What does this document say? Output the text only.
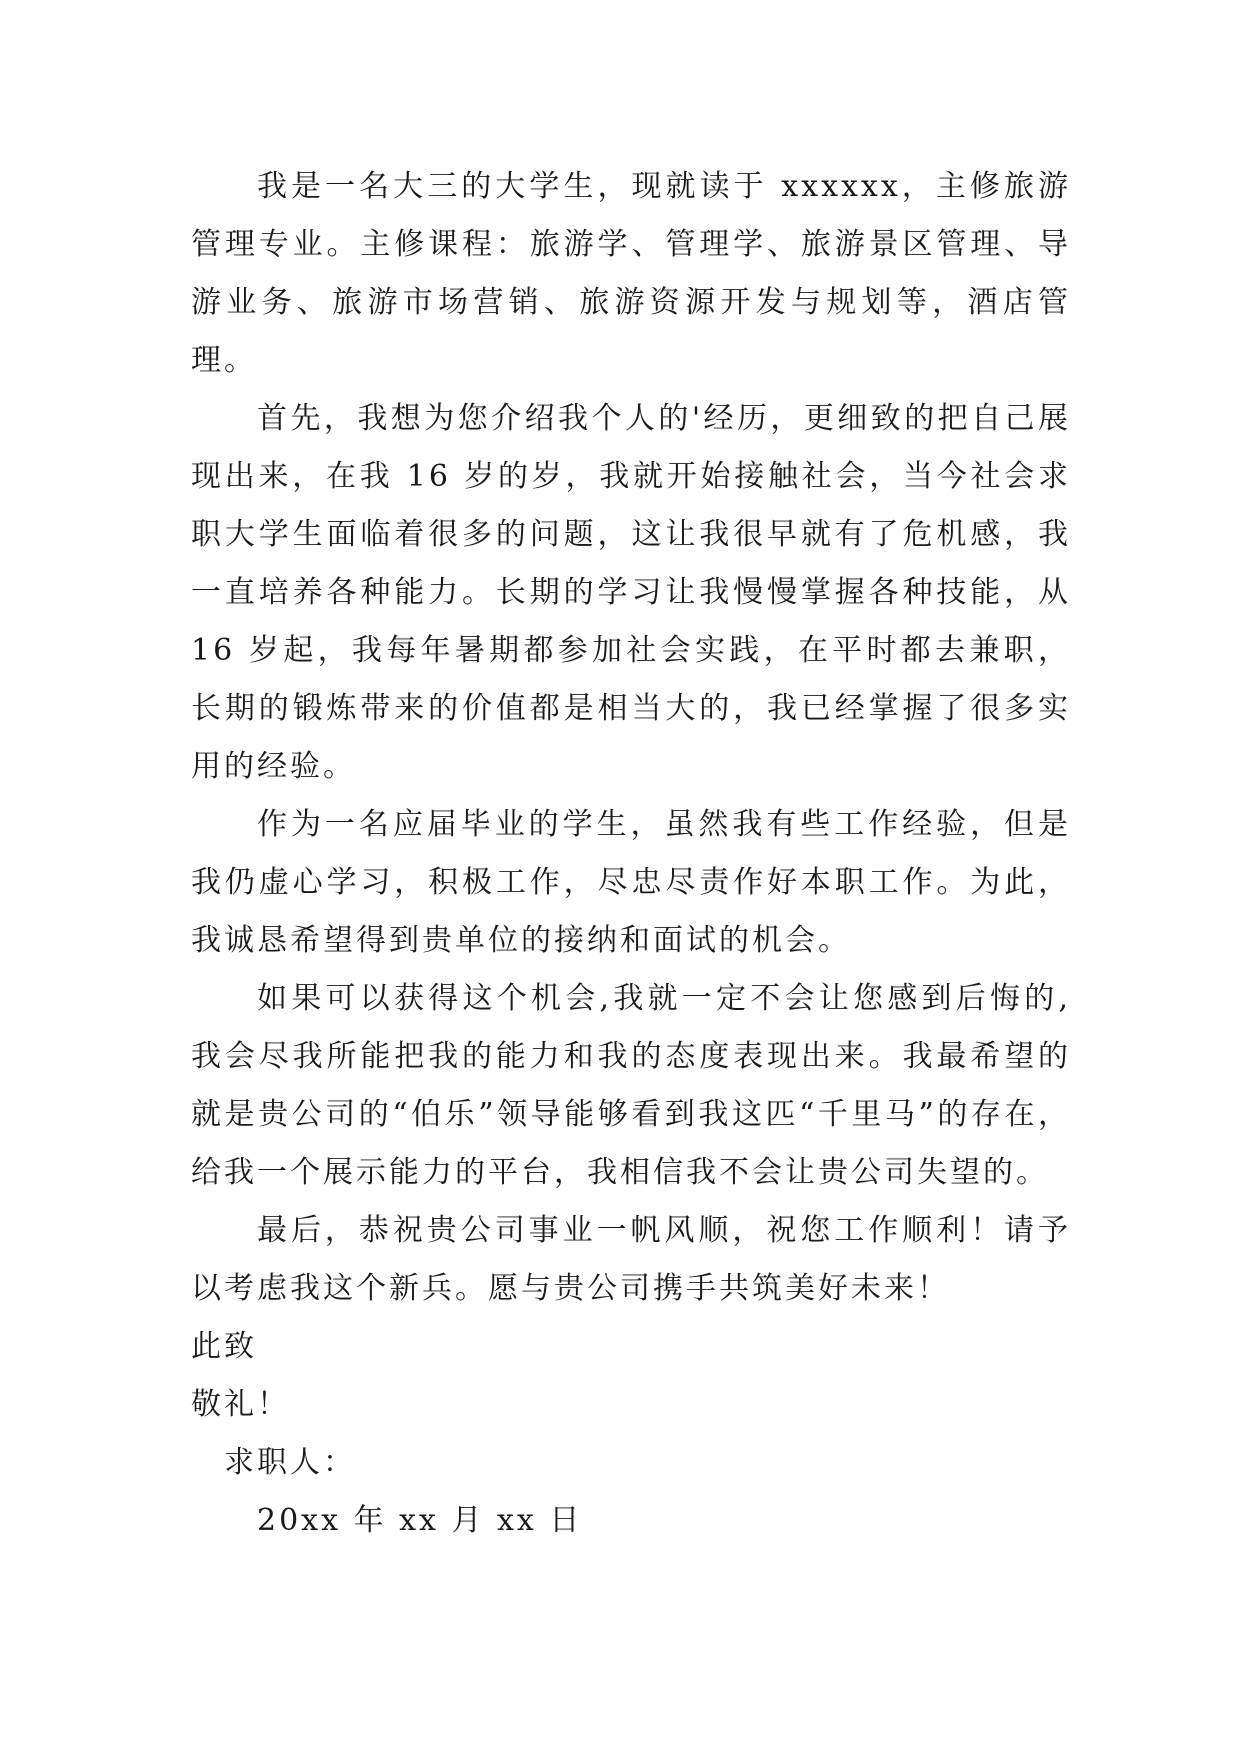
我是一名大三的大学生，现就读于 xxxxxx，主修旅游管理专业。主修课程：旅游学、管理学、旅游景区管理、导游业务、旅游市场营销、旅游资源开发与规划等，酒店管理。

首先，我想为您介绍我个人的'经历，更细致的把自己展现出来，在我 16 岁的岁，我就开始接触社会，当今社会求职大学生面临着很多的问题，这让我很早就有了危机感，我一直培养各种能力。长期的学习让我慢慢掌握各种技能，从 16 岁起，我每年暑期都参加社会实践，在平时都去兼职，长期的锻炼带来的价值都是相当大的，我已经掌握了很多实用的经验。

作为一名应届毕业的学生，虽然我有些工作经验，但是我仍虚心学习，积极工作，尽忠尽责作好本职工作。为此，我诚恳希望得到贵单位的接纳和面试的机会。

如果可以获得这个机会,我就一定不会让您感到后悔的,我会尽我所能把我的能力和我的态度表现出来。我最希望的就是贵公司的“伯乐”领导能够看到我这匹“千里马”的存在，给我一个展示能力的平台，我相信我不会让贵公司失望的。

最后，恭祝贵公司事业一帆风顺，祝您工作顺利！请予以考虑我这个新兵。愿与贵公司携手共筑美好未来！

此致

敬礼！

求职人：

20xx 年 xx 月 xx 日
